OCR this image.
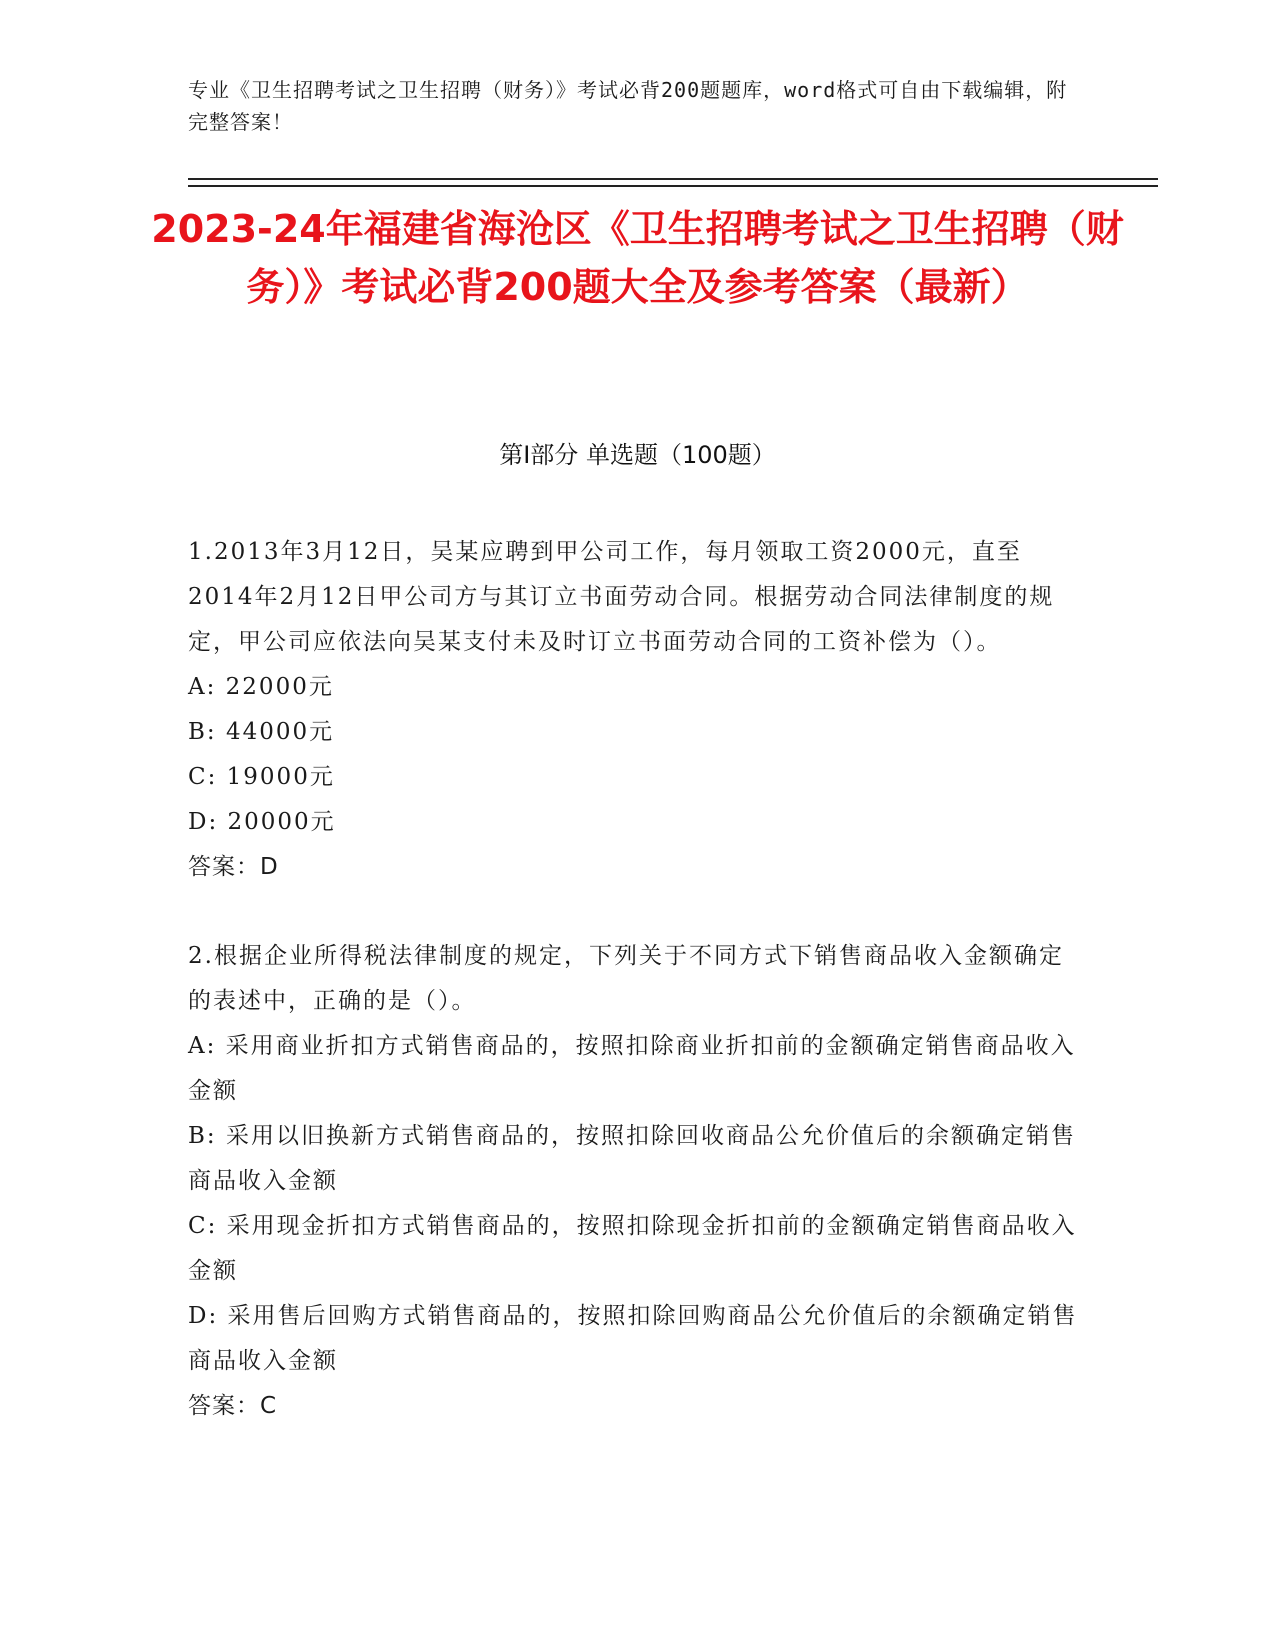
专业《卫生招聘考试之卫生招聘（财务）》考试必背200题题库，word格式可自由下载编辑，附完整答案！
2023-24年福建省海沧区《卫生招聘考试之卫生招聘（财务）》考试必背200题大全及参考答案（最新）
第I部分 单选题（100题）

1.2013年3月12日，吴某应聘到甲公司工作，每月领取工资2000元，直至2014年2月12日甲公司方与其订立书面劳动合同。根据劳动合同法律制度的规定，甲公司应依法向吴某支付未及时订立书面劳动合同的工资补偿为（）。

A: 22000元

B: 44000元

C: 19000元

D: 20000元

答案：D

2.根据企业所得税法律制度的规定，下列关于不同方式下销售商品收入金额确定的表述中，正确的是（）。

A: 采用商业折扣方式销售商品的，按照扣除商业折扣前的金额确定销售商品收入金额

B: 采用以旧换新方式销售商品的，按照扣除回收商品公允价值后的余额确定销售商品收入金额

C: 采用现金折扣方式销售商品的，按照扣除现金折扣前的金额确定销售商品收入金额

D: 采用售后回购方式销售商品的，按照扣除回购商品公允价值后的余额确定销售商品收入金额

答案：C
